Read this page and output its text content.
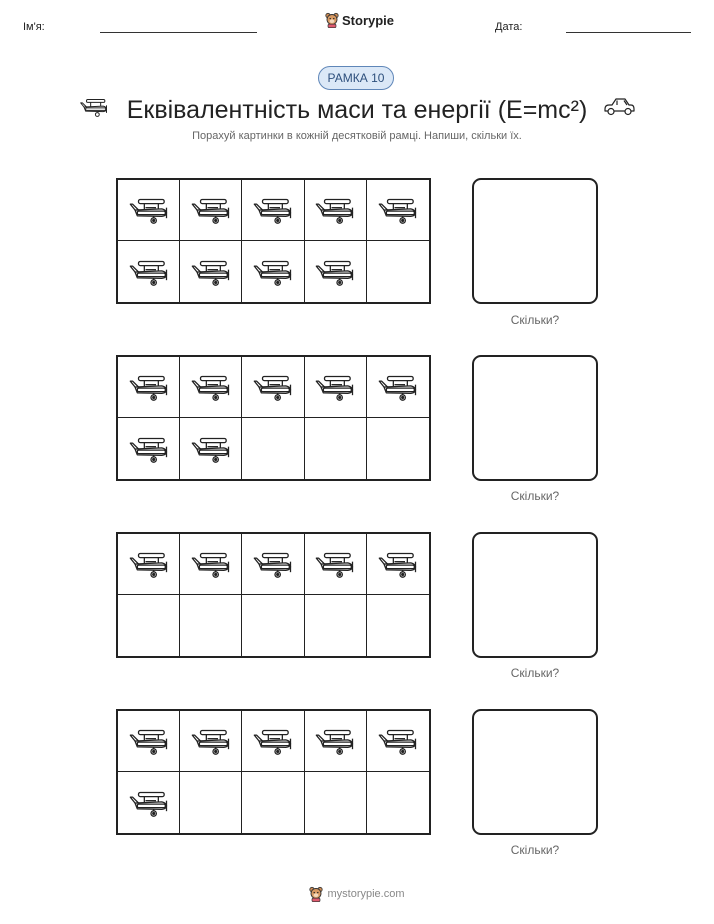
Ім'я:	Storypie	Дата:
РАМКА 10
Еквівалентність маси та енергії (E=mc²)
Порахуй картинки в кожній десятковій рамці. Напиши, скільки їх.
Скільки?
Скільки?
Скільки?
Скільки?
mystorypie.com
